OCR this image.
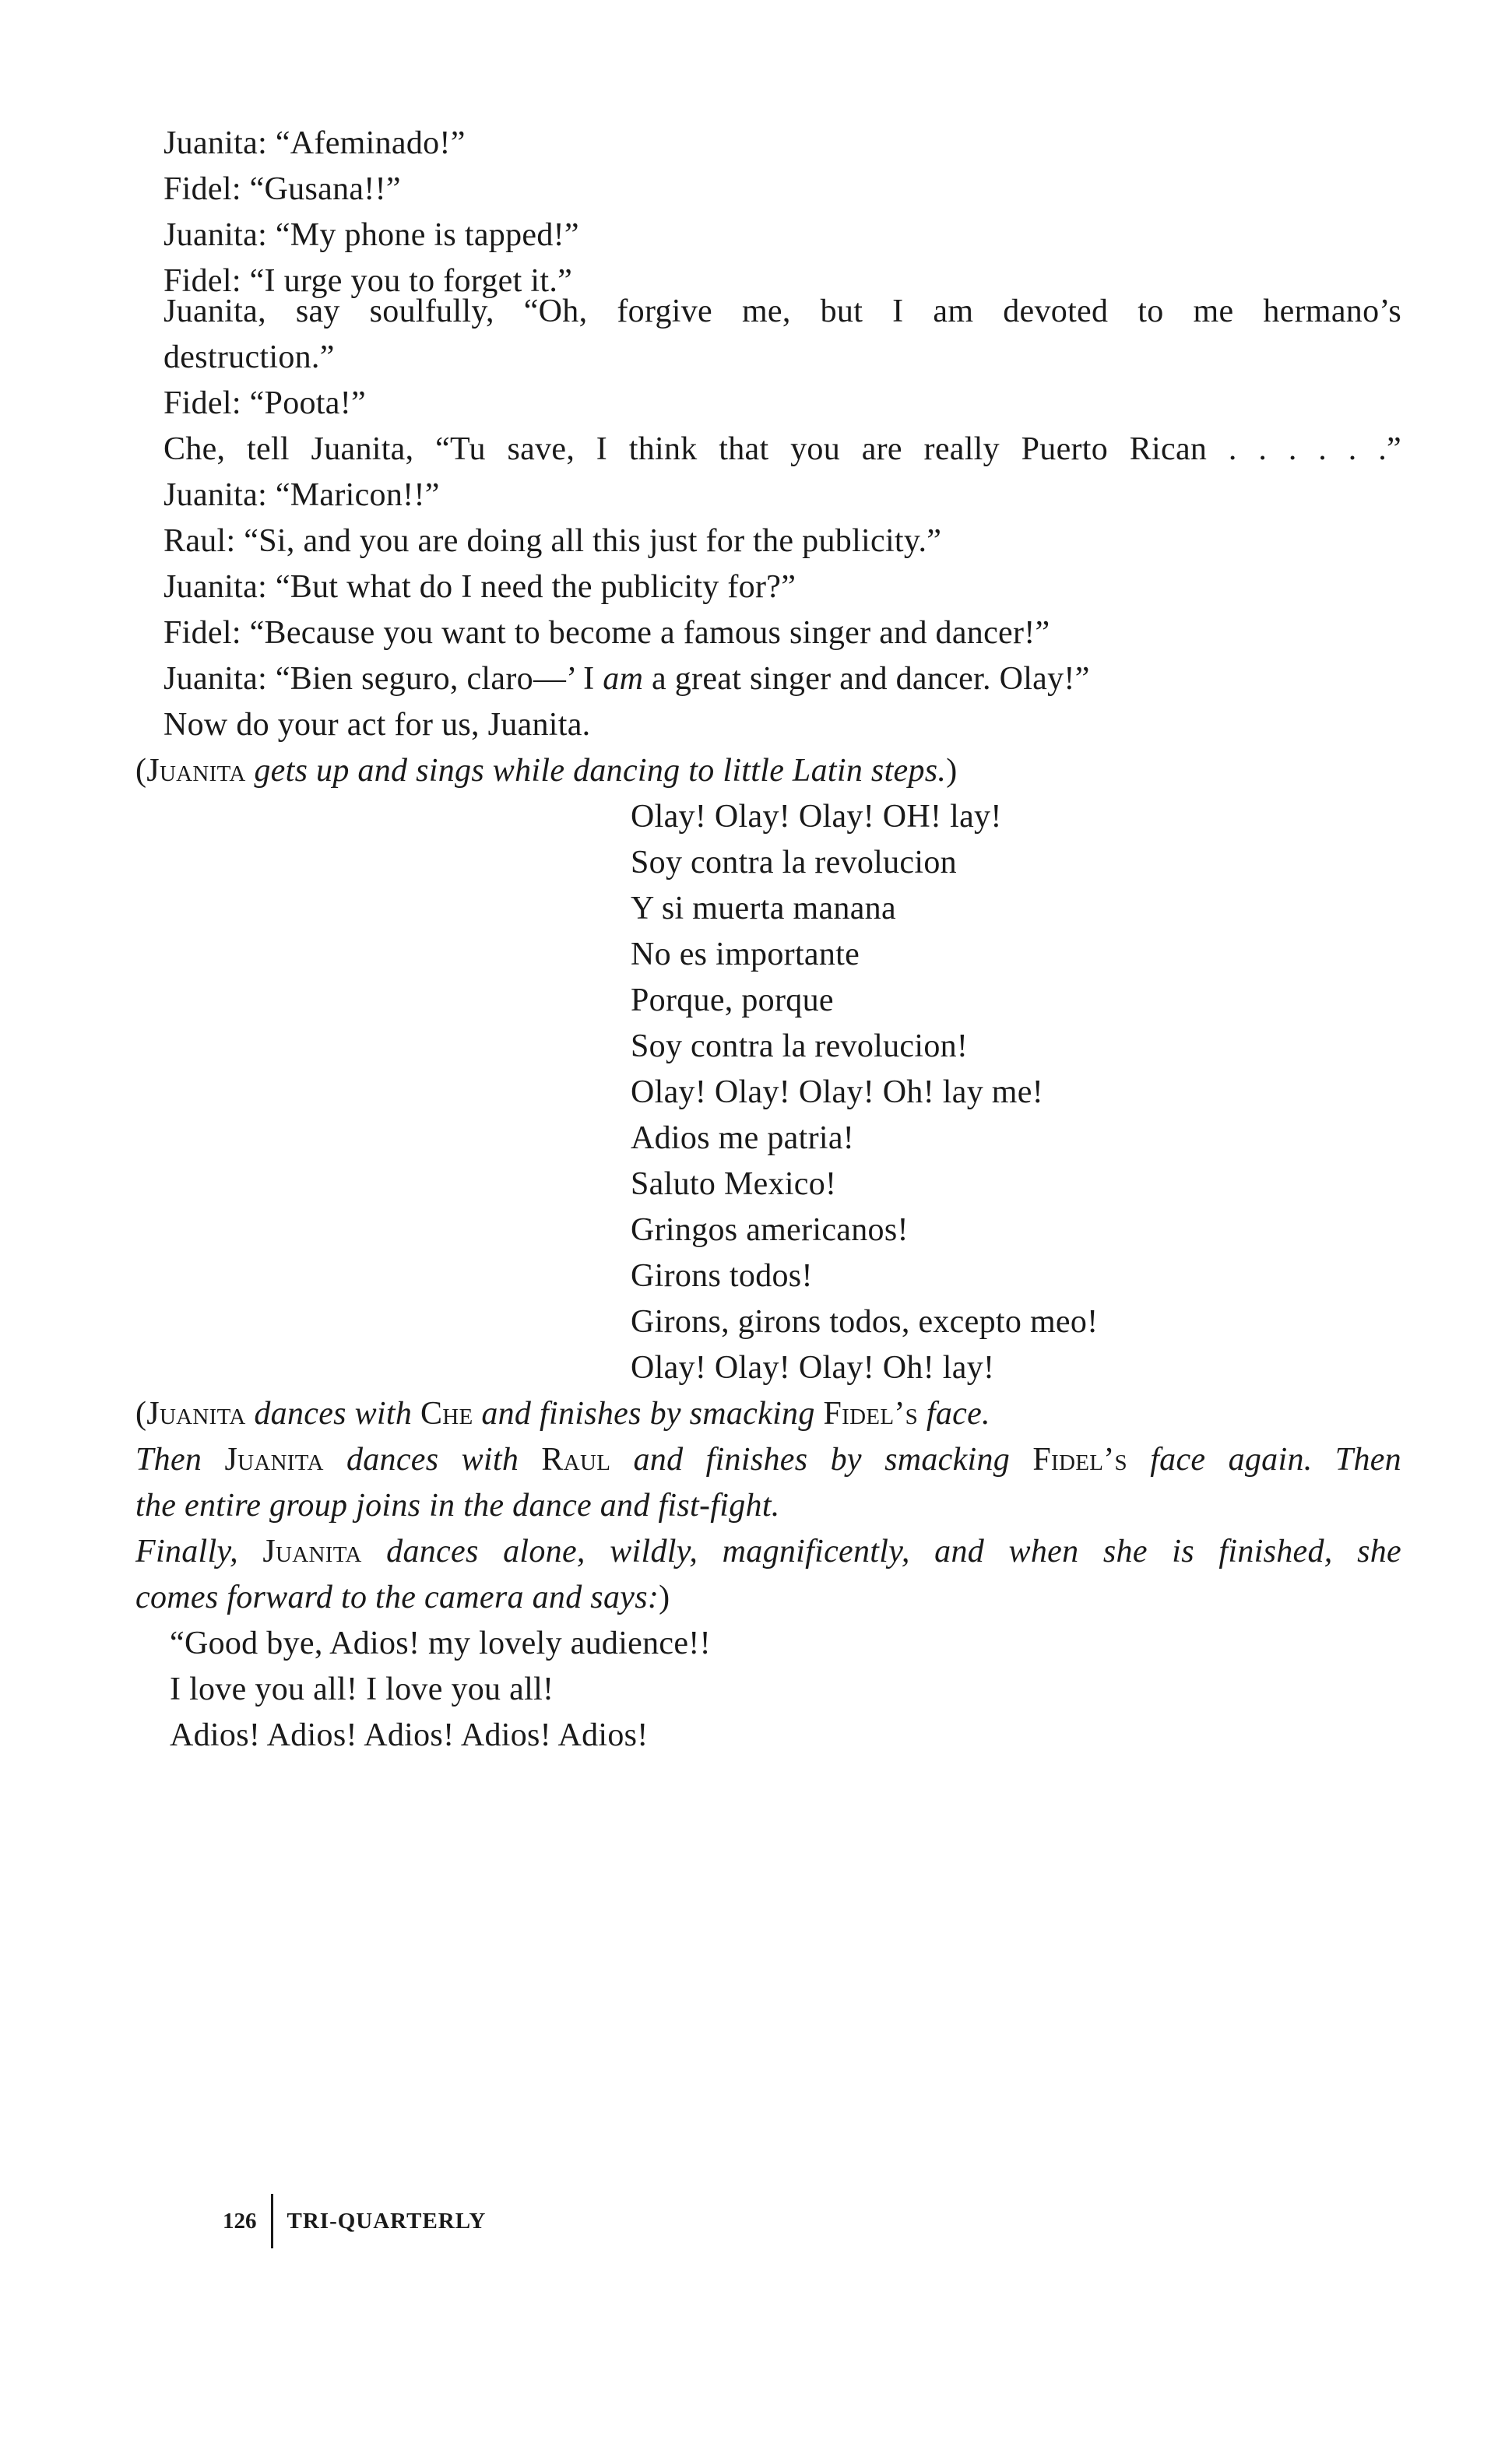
Juanita: “Afeminado!”
Fidel: “Gusana!!”
Juanita: “My phone is tapped!”
Fidel: “I urge you to forget it.”
Juanita, say soulfully, “Oh, forgive me, but I am devoted to me hermano’s
destruction.”
Fidel: “Poota!”
Che, tell Juanita, “Tu save, I think that you are really Puerto Rican . . . . . .”
Juanita: “Maricon!!”
Raul: “Si, and you are doing all this just for the publicity.”
Juanita: “But what do I need the publicity for?”
Fidel: “Because you want to become a famous singer and dancer!”
Juanita: “Bien seguro, claro—’ I am a great singer and dancer. Olay!”
Now do your act for us, Juanita.
(Juanita gets up and sings while dancing to little Latin steps.)
Olay! Olay! Olay! OH! lay!
Soy contra la revolucion
Y si muerta manana
No es importante
Porque, porque
Soy contra la revolucion!
Olay! Olay! Olay! Oh! lay me!
Adios me patria!
Saluto Mexico!
Gringos americanos!
Girons todos!
Girons, girons todos, excepto meo!
Olay! Olay! Olay! Oh! lay!
(Juanita dances with Che and finishes by smacking Fidel’s face.
Then Juanita dances with Raul and finishes by smacking Fidel’s face again. Then
the entire group joins in the dance and fist-fight.
Finally, Juanita dances alone, wildly, magnificently, and when she is finished, she
comes forward to the camera and says:)
“Good bye, Adios! my lovely audience!!
I love you all! I love you all!
Adios! Adios! Adios! Adios! Adios!
126	TRI-QUARTERLY
